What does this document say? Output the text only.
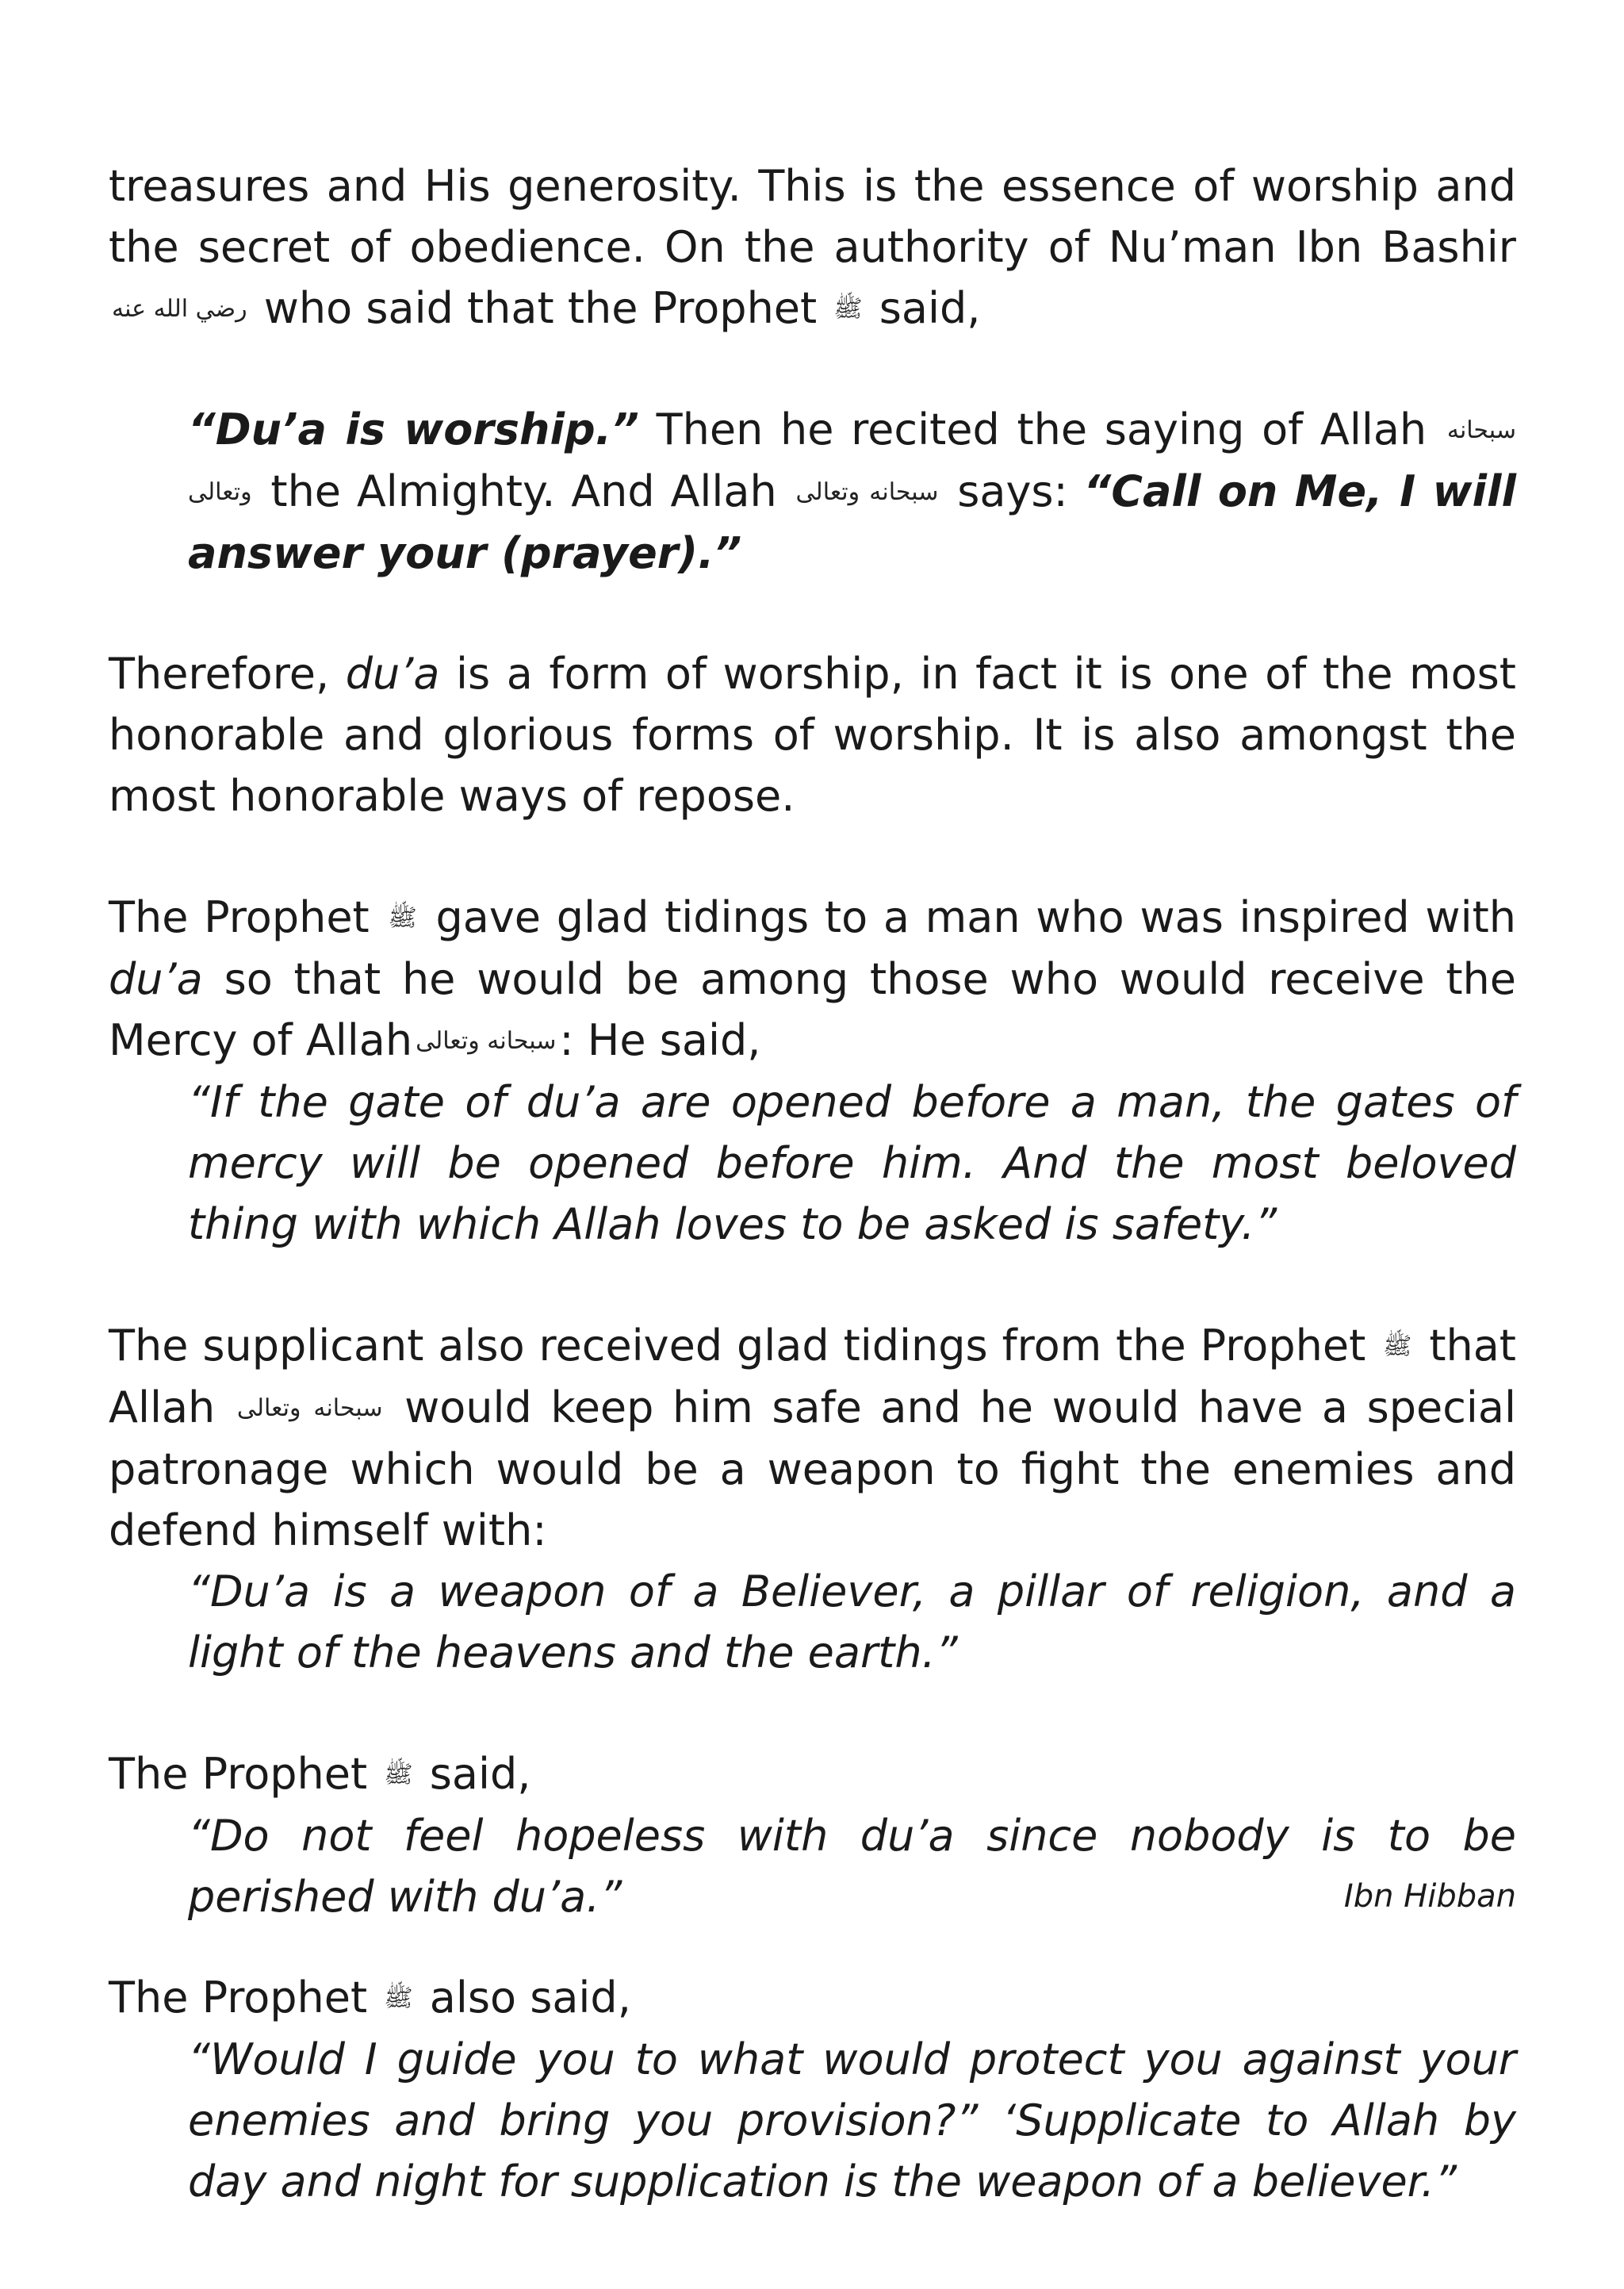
treasures and His generosity. This is the essence of worship and the secret of obedience. On the authority of Nu’man Ibn Bashir رضي الله عنه who said that the Prophet ﷺ said,

“Du’a is worship.” Then he recited the saying of Allah سبحانه وتعالى the Almighty. And Allah سبحانه وتعالى says: “Call on Me, I will answer your (prayer).”

Therefore, du’a is a form of worship, in fact it is one of the most honorable and glorious forms of worship. It is also amongst the most honorable ways of repose.

The Prophet ﷺ gave glad tidings to a man who was inspired with du’a so that he would be among those who would receive the Mercy of Allah سبحانه وتعالى: He said,

“If the gate of du’a are opened before a man, the gates of mercy will be opened before him. And the most beloved thing with which Allah loves to be asked is safety.”

The supplicant also received glad tidings from the Prophet ﷺ that Allah سبحانه وتعالى would keep him safe and he would have a special patronage which would be a weapon to fight the enemies and defend himself with:

“Du’a is a weapon of a Believer, a pillar of religion, and a light of the heavens and the earth.”

The Prophet ﷺ said,

“Do not feel hopeless with du’a since nobody is to be perished with du’a.”	Ibn Hibban

The Prophet ﷺ also said,

“Would I guide you to what would protect you against your enemies and bring you provision?” ‘Supplicate to Allah by day and night for supplication is the weapon of a believer.”
